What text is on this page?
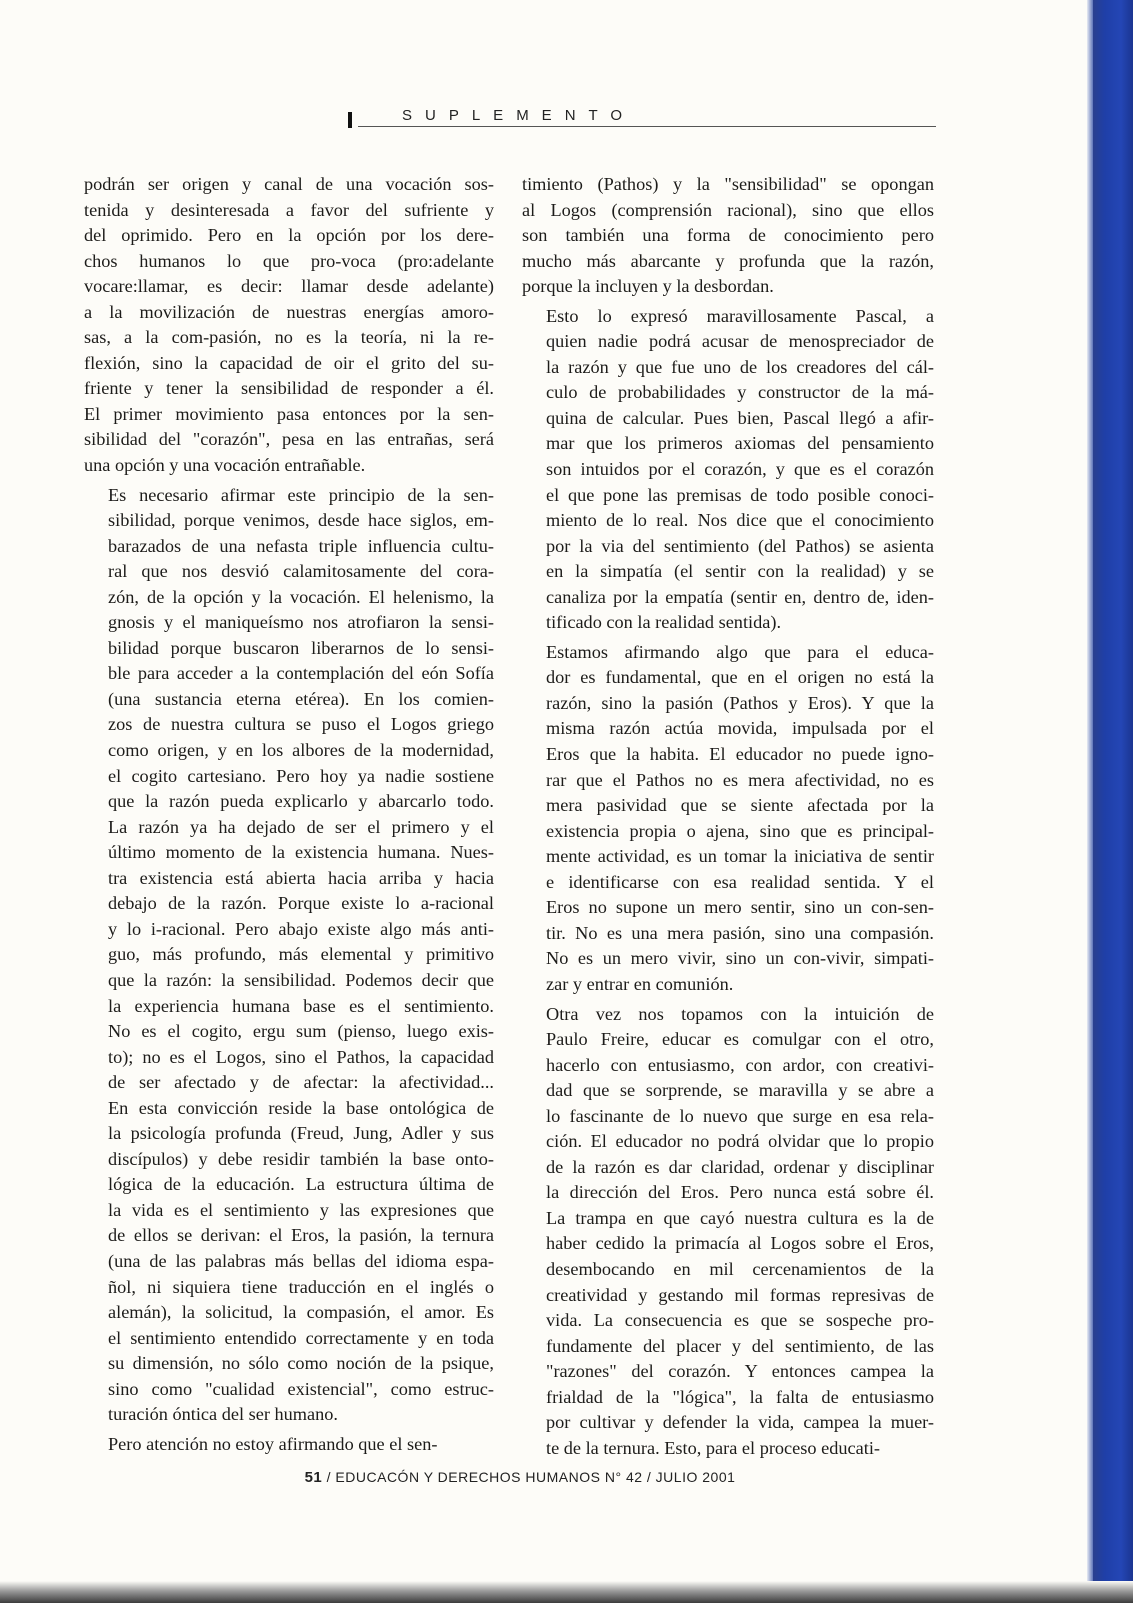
SUPLEMENTO

podrán ser origen y canal de una vocación sos-
tenida y desinteresada a favor del sufriente y
del oprimido. Pero en la opción por los dere-
chos humanos lo que pro-voca (pro:adelante
vocare:llamar, es decir: llamar desde adelante)
a la movilización de nuestras energías amoro-
sas, a la com-pasión, no es la teoría, ni la re-
flexión, sino la capacidad de oir el grito del su-
friente y tener la sensibilidad de responder a él.
El primer movimiento pasa entonces por la sen-
sibilidad del "corazón", pesa en las entrañas, será
una opción y una vocación entrañable.

Es necesario afirmar este principio de la sen-
sibilidad, porque venimos, desde hace siglos, em-
barazados de una nefasta triple influencia cultu-
ral que nos desvió calamitosamente del cora-
zón, de la opción y la vocación. El helenismo, la
gnosis y el maniqueísmo nos atrofiaron la sensi-
bilidad porque buscaron liberarnos de lo sensi-
ble para acceder a la contemplación del eón Sofía
(una sustancia eterna etérea). En los comien-
zos de nuestra cultura se puso el Logos griego
como origen, y en los albores de la modernidad,
el cogito cartesiano. Pero hoy ya nadie sostiene
que la razón pueda explicarlo y abarcarlo todo.
La razón ya ha dejado de ser el primero y el
último momento de la existencia humana. Nues-
tra existencia está abierta hacia arriba y hacia
debajo de la razón. Porque existe lo a-racional
y lo i-racional. Pero abajo existe algo más anti-
guo, más profundo, más elemental y primitivo
que la razón: la sensibilidad. Podemos decir que
la experiencia humana base es el sentimiento.
No es el cogito, ergu sum (pienso, luego exis-
to); no es el Logos, sino el Pathos, la capacidad
de ser afectado y de afectar: la afectividad...
En esta convicción reside la base ontológica de
la psicología profunda (Freud, Jung, Adler y sus
discípulos) y debe residir también la base onto-
lógica de la educación. La estructura última de
la vida es el sentimiento y las expresiones que
de ellos se derivan: el Eros, la pasión, la ternura
(una de las palabras más bellas del idioma espa-
ñol, ni siquiera tiene traducción en el inglés o
alemán), la solicitud, la compasión, el amor. Es
el sentimiento entendido correctamente y en toda
su dimensión, no sólo como noción de la psique,
sino como "cualidad existencial", como estruc-
turación óntica del ser humano.

Pero atención no estoy afirmando que el sen-

timiento (Pathos) y la "sensibilidad" se opongan
al Logos (comprensión racional), sino que ellos
son también una forma de conocimiento pero
mucho más abarcante y profunda que la razón,
porque la incluyen y la desbordan.

Esto lo expresó maravillosamente Pascal, a
quien nadie podrá acusar de menospreciador de
la razón y que fue uno de los creadores del cál-
culo de probabilidades y constructor de la má-
quina de calcular. Pues bien, Pascal llegó a afir-
mar que los primeros axiomas del pensamiento
son intuidos por el corazón, y que es el corazón
el que pone las premisas de todo posible conoci-
miento de lo real. Nos dice que el conocimiento
por la via del sentimiento (del Pathos) se asienta
en la simpatía (el sentir con la realidad) y se
canaliza por la empatía (sentir en, dentro de, iden-
tificado con la realidad sentida).

Estamos afirmando algo que para el educa-
dor es fundamental, que en el origen no está la
razón, sino la pasión (Pathos y Eros). Y que la
misma razón actúa movida, impulsada por el
Eros que la habita. El educador no puede igno-
rar que el Pathos no es mera afectividad, no es
mera pasividad que se siente afectada por la
existencia propia o ajena, sino que es principal-
mente actividad, es un tomar la iniciativa de sentir
e identificarse con esa realidad sentida. Y el
Eros no supone un mero sentir, sino un con-sen-
tir. No es una mera pasión, sino una compasión.
No es un mero vivir, sino un con-vivir, simpati-
zar y entrar en comunión.

Otra vez nos topamos con la intuición de
Paulo Freire, educar es comulgar con el otro,
hacerlo con entusiasmo, con ardor, con creativi-
dad que se sorprende, se maravilla y se abre a
lo fascinante de lo nuevo que surge en esa rela-
ción. El educador no podrá olvidar que lo propio
de la razón es dar claridad, ordenar y disciplinar
la dirección del Eros. Pero nunca está sobre él.
La trampa en que cayó nuestra cultura es la de
haber cedido la primacía al Logos sobre el Eros,
desembocando en mil cercenamientos de la
creatividad y gestando mil formas represivas de
vida. La consecuencia es que se sospeche pro-
fundamente del placer y del sentimiento, de las
"razones" del corazón. Y entonces campea la
frialdad de la "lógica", la falta de entusiasmo
por cultivar y defender la vida, campea la muer-
te de la ternura. Esto, para el proceso educati-

51 / EDUCACÓN Y DERECHOS HUMANOS N° 42 / JULIO 2001
